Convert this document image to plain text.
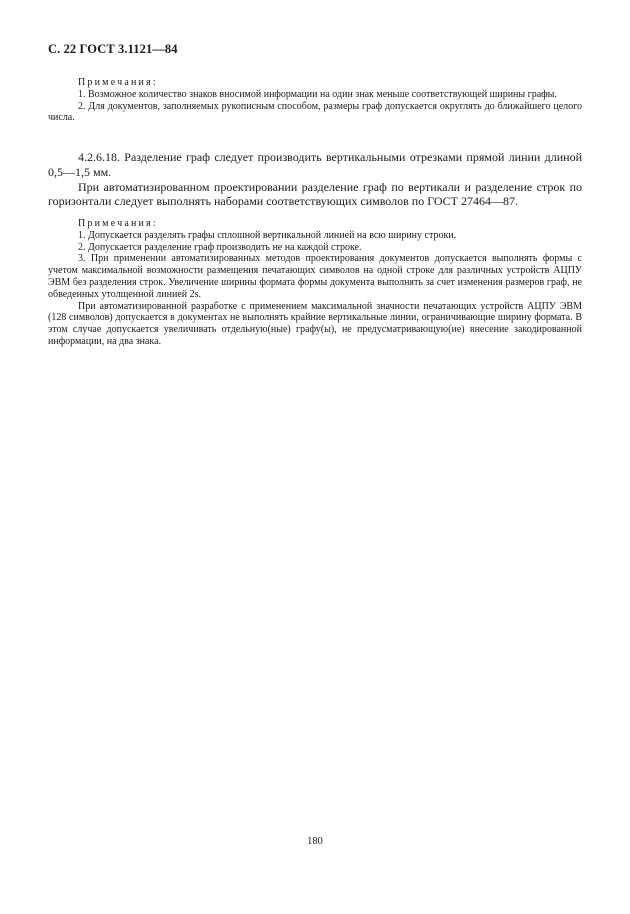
С. 22 ГОСТ 3.1121—84
Примечания:

1. Возможное количество знаков вносимой информации на один знак меньше соответствующей ширины графы.

2. Для документов, заполняемых рукописным способом, размеры граф допускается округлять до ближайшего целого числа.

4.2.6.18. Разделение граф следует производить вертикальными отрезками прямой линии длиной 0,5—1,5 мм.

При автоматизированном проектировании разделение граф по вертикали и разделение строк по горизонтали следует выполнять наборами соответствующих символов по ГОСТ 27464—87.

Примечания:

1. Допускается разделять графы сплошной вертикальной линией на всю ширину строки.

2. Допускается разделение граф производить не на каждой строке.

3. При применении автоматизированных методов проектирования документов допускается выполнять формы с учетом максимальной возможности размещения печатающих символов на одной строке для различных устройств АЦПУ ЭВМ без разделения строк. Увеличение ширины формата формы документа выполнять за счет изменения размеров граф, не обведенных утолщенной линией 2s.

При автоматизированной разработке с применением максимальной значности печатающих устройств АЦПУ ЭВМ (128 символов) допускается в документах не выполнять крайние вертикальные линии, ограничивающие ширину формата. В этом случае допускается увеличивать отдельную(ные) графу(ы), не предусматривающую(ие) внесение закодированной информации, на два знака.

180
